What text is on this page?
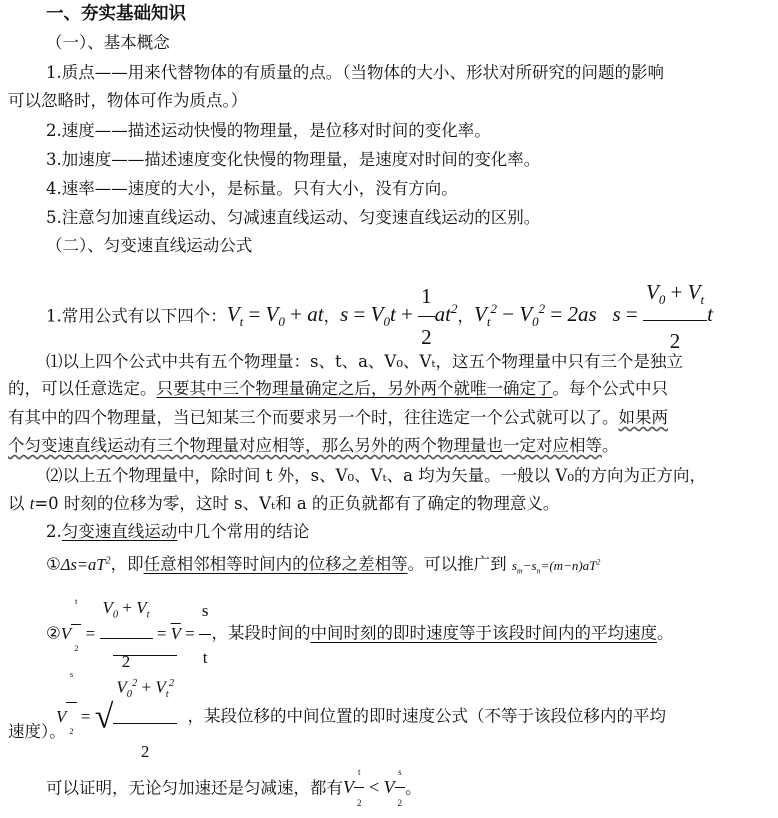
一、夯实基础知识
（一）、基本概念
1.质点——用来代替物体的有质量的点。（当物体的大小、形状对所研究的问题的影响
可以忽略时，物体可作为质点。）
2.速度——描述运动快慢的物理量，是位移对时间的变化率。
3.加速度——描述速度变化快慢的物理量，是速度对时间的变化率。
4.速率——速度的大小，是标量。只有大小，没有方向。
5.注意匀加速直线运动、匀减速直线运动、匀变速直线运动的区别。
（二）、匀变速直线运动公式
1.常用公式有以下四个：$V_t = V_0$ + at，$s = V_0t + \frac{1}{2} at^2$，$V_t^2 - V_0^2 = 2as$ $s = \frac{V_0 + V_t}{2}$ t
⑴以上四个公式中共有五个物理量：s、t、a、V₀、Vₜ，这五个物理量中只有三个是独立
的，可以任意选定。只要其中三个物理量确定之后，另外两个就唯一确定了。每个公式中只
有其中的四个物理量，当已知某三个而要求另一个时，往往选定一个公式就可以了。如果两
个匀变速直线运动有三个物理量对应相等，那么另外的两个物理量也一定对应相等。
⑵以上五个物理量中，除时间 t 外，s、V₀、Vₜ、a 均为矢量。一般以 V₀的方向为正方向，
以 t=0 时刻的位移为零，这时 s、Vₜ和 a 的正负就都有了确定的物理意义。
2.匀变速直线运动中几个常用的结论
$①\Delta s=aT^2$，即任意相邻相等时间内的位移之差相等。可以推广到 $s_m-s_n=(m-n)aT^2$
②V $_{\frac{t}{2}} = \frac{V_0 + V_t}{2} = \overline{V} = \frac{s}{t}$ ，某段时间的中间时刻的即时速度等于该段时间内的平均速度。
V $_{\frac{s}{2}}$ = √ $\frac{V_0^2 + V_t^2}{2}$ ，某段位移的中间位置的即时速度公式（不等于该段位移内的平均
速度）。
可以证明，无论匀加速还是匀减速，都有V $_{\frac{t}{2}}$ < V $_{\frac{s}{2}}$ 。
